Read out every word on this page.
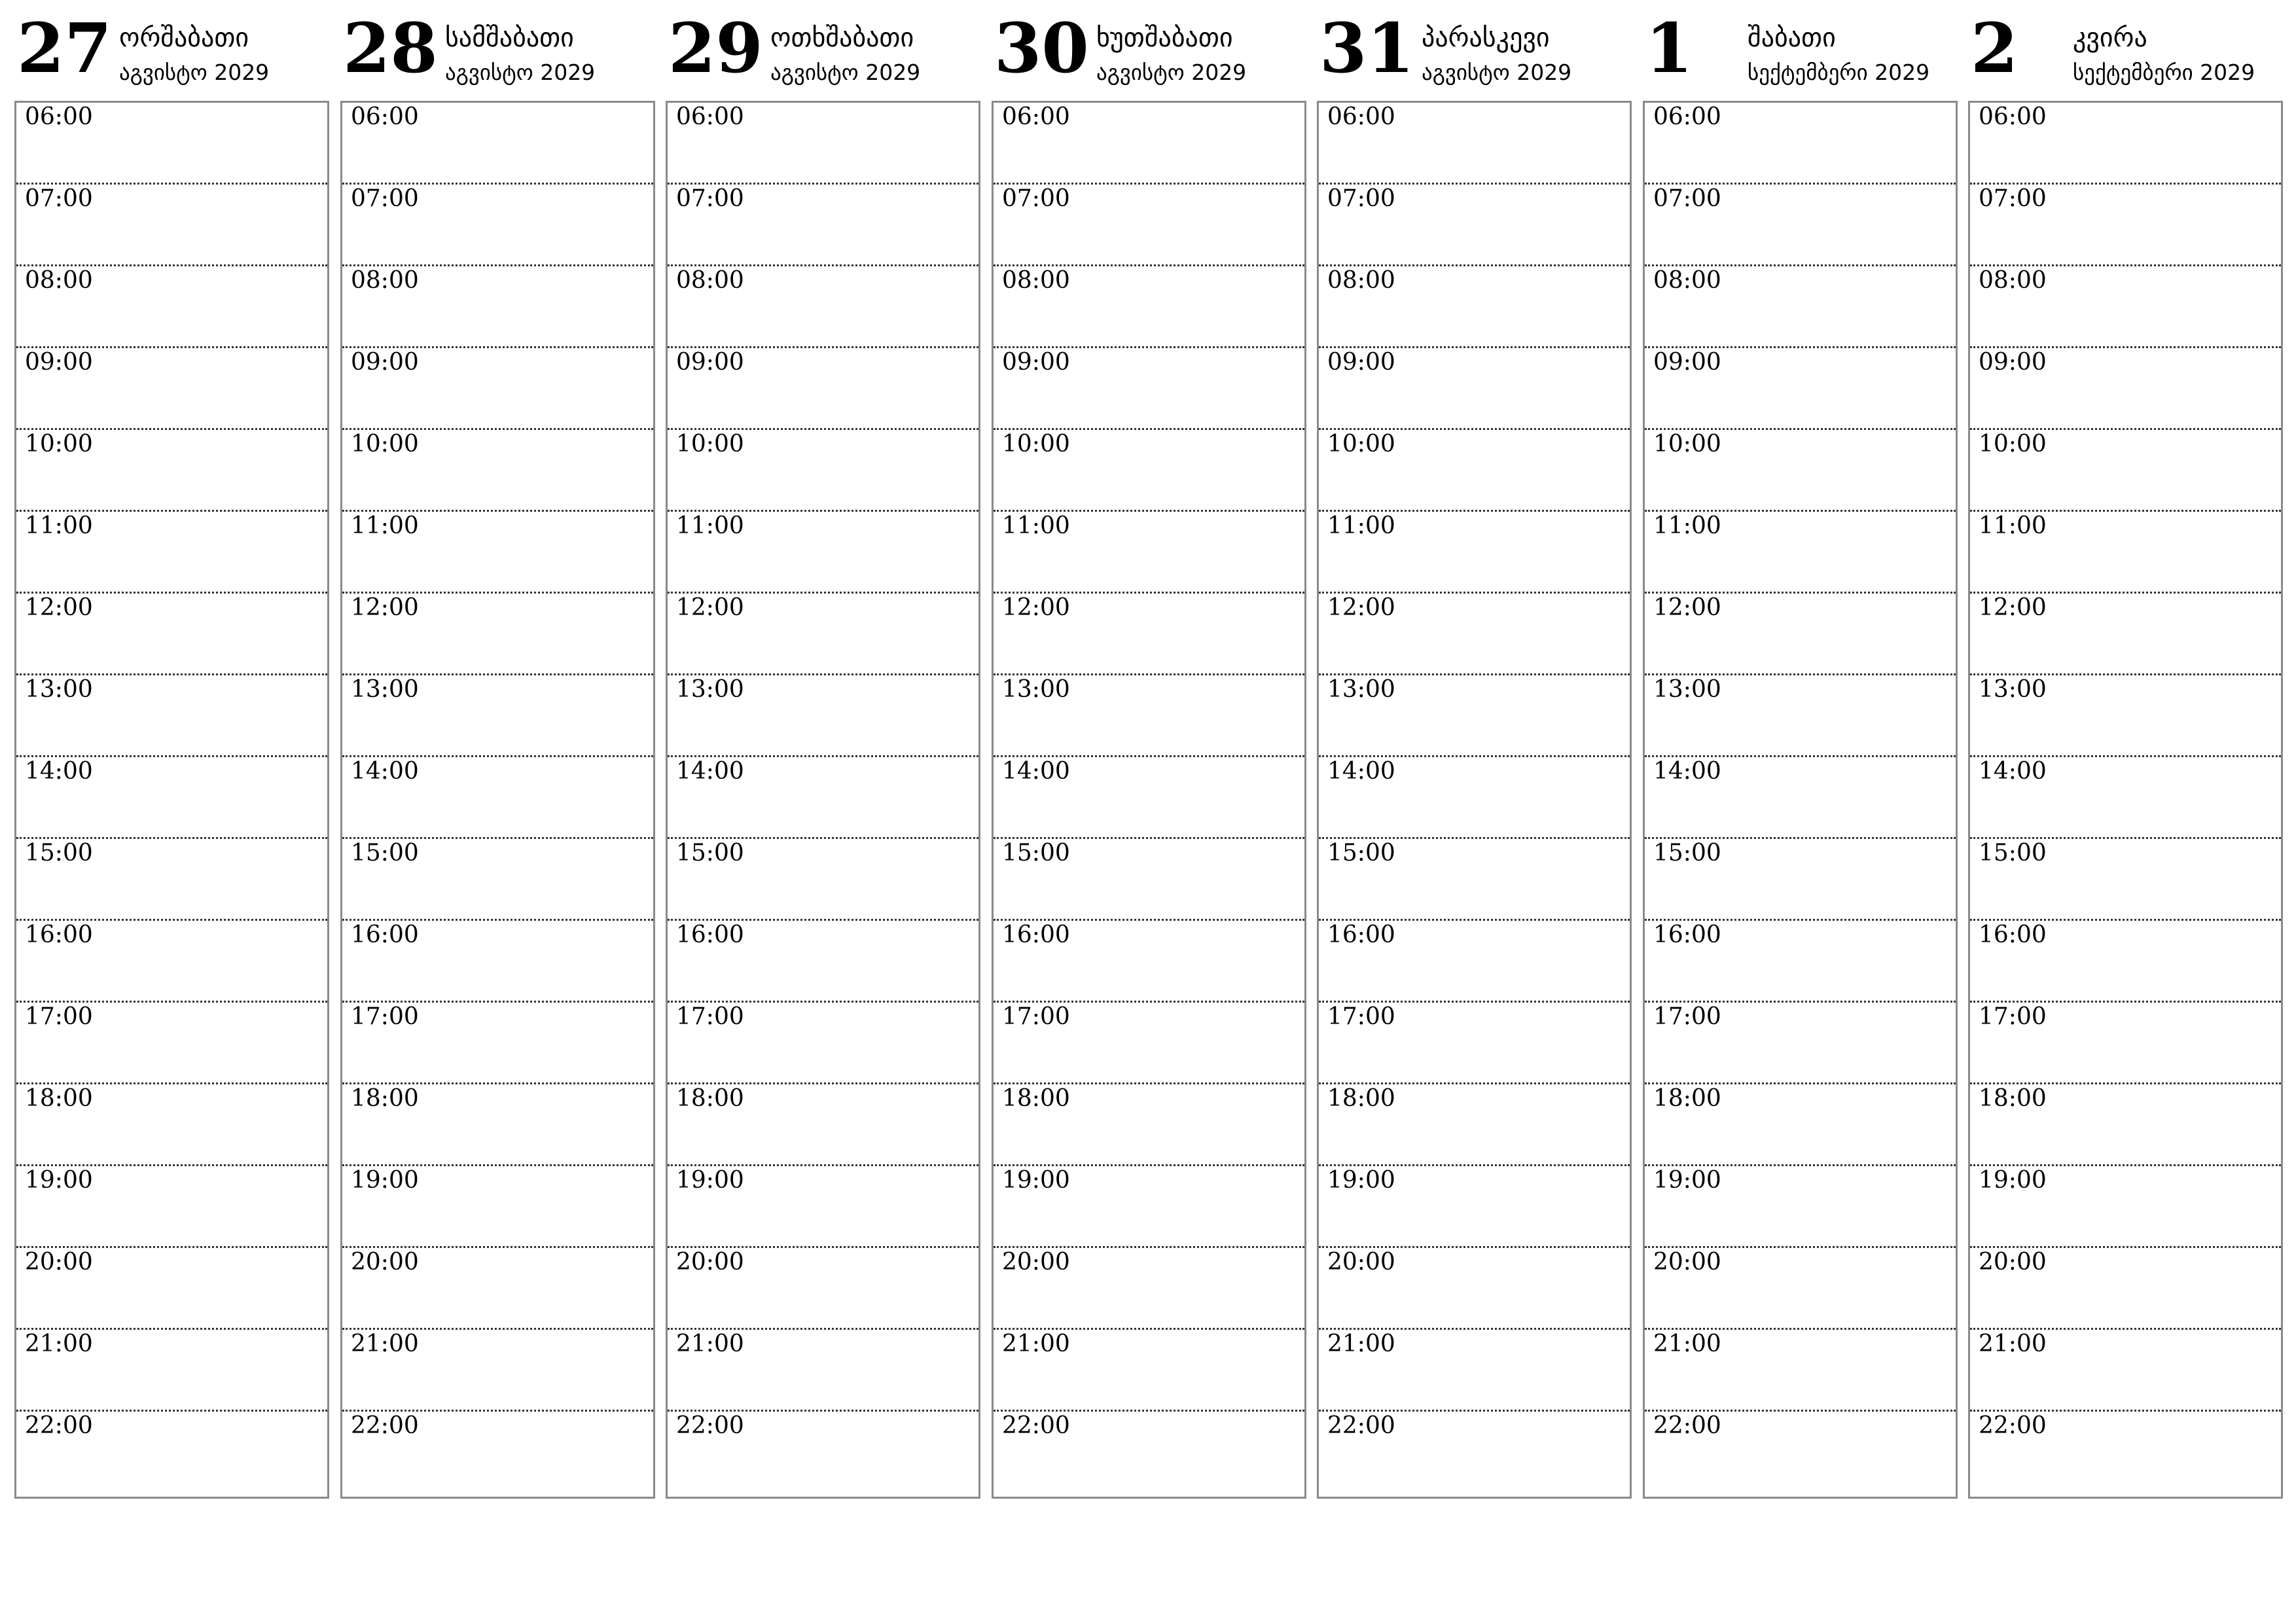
27 ორშაბათი
აგვისტო 2029
06:00
07:00
08:00
09:00
10:00
11:00
12:00
13:00
14:00
15:00
16:00
17:00
18:00
19:00
20:00
21:00
22:00
28 სამშაბათი
აგვისტო 2029
06:00
07:00
08:00
09:00
10:00
11:00
12:00
13:00
14:00
15:00
16:00
17:00
18:00
19:00
20:00
21:00
22:00
29 ოთხშაბათი
აგვისტო 2029
06:00
07:00
08:00
09:00
10:00
11:00
12:00
13:00
14:00
15:00
16:00
17:00
18:00
19:00
20:00
21:00
22:00
30 ხუთშაბათი
აგვისტო 2029
06:00
07:00
08:00
09:00
10:00
11:00
12:00
13:00
14:00
15:00
16:00
17:00
18:00
19:00
20:00
21:00
22:00
31 პარასკევი
აგვისტო 2029
06:00
07:00
08:00
09:00
10:00
11:00
12:00
13:00
14:00
15:00
16:00
17:00
18:00
19:00
20:00
21:00
22:00
1 შაბათი
სექტემბერი 2029
06:00
07:00
08:00
09:00
10:00
11:00
12:00
13:00
14:00
15:00
16:00
17:00
18:00
19:00
20:00
21:00
22:00
2 კვირა
სექტემბერი 2029
06:00
07:00
08:00
09:00
10:00
11:00
12:00
13:00
14:00
15:00
16:00
17:00
18:00
19:00
20:00
21:00
22:00
